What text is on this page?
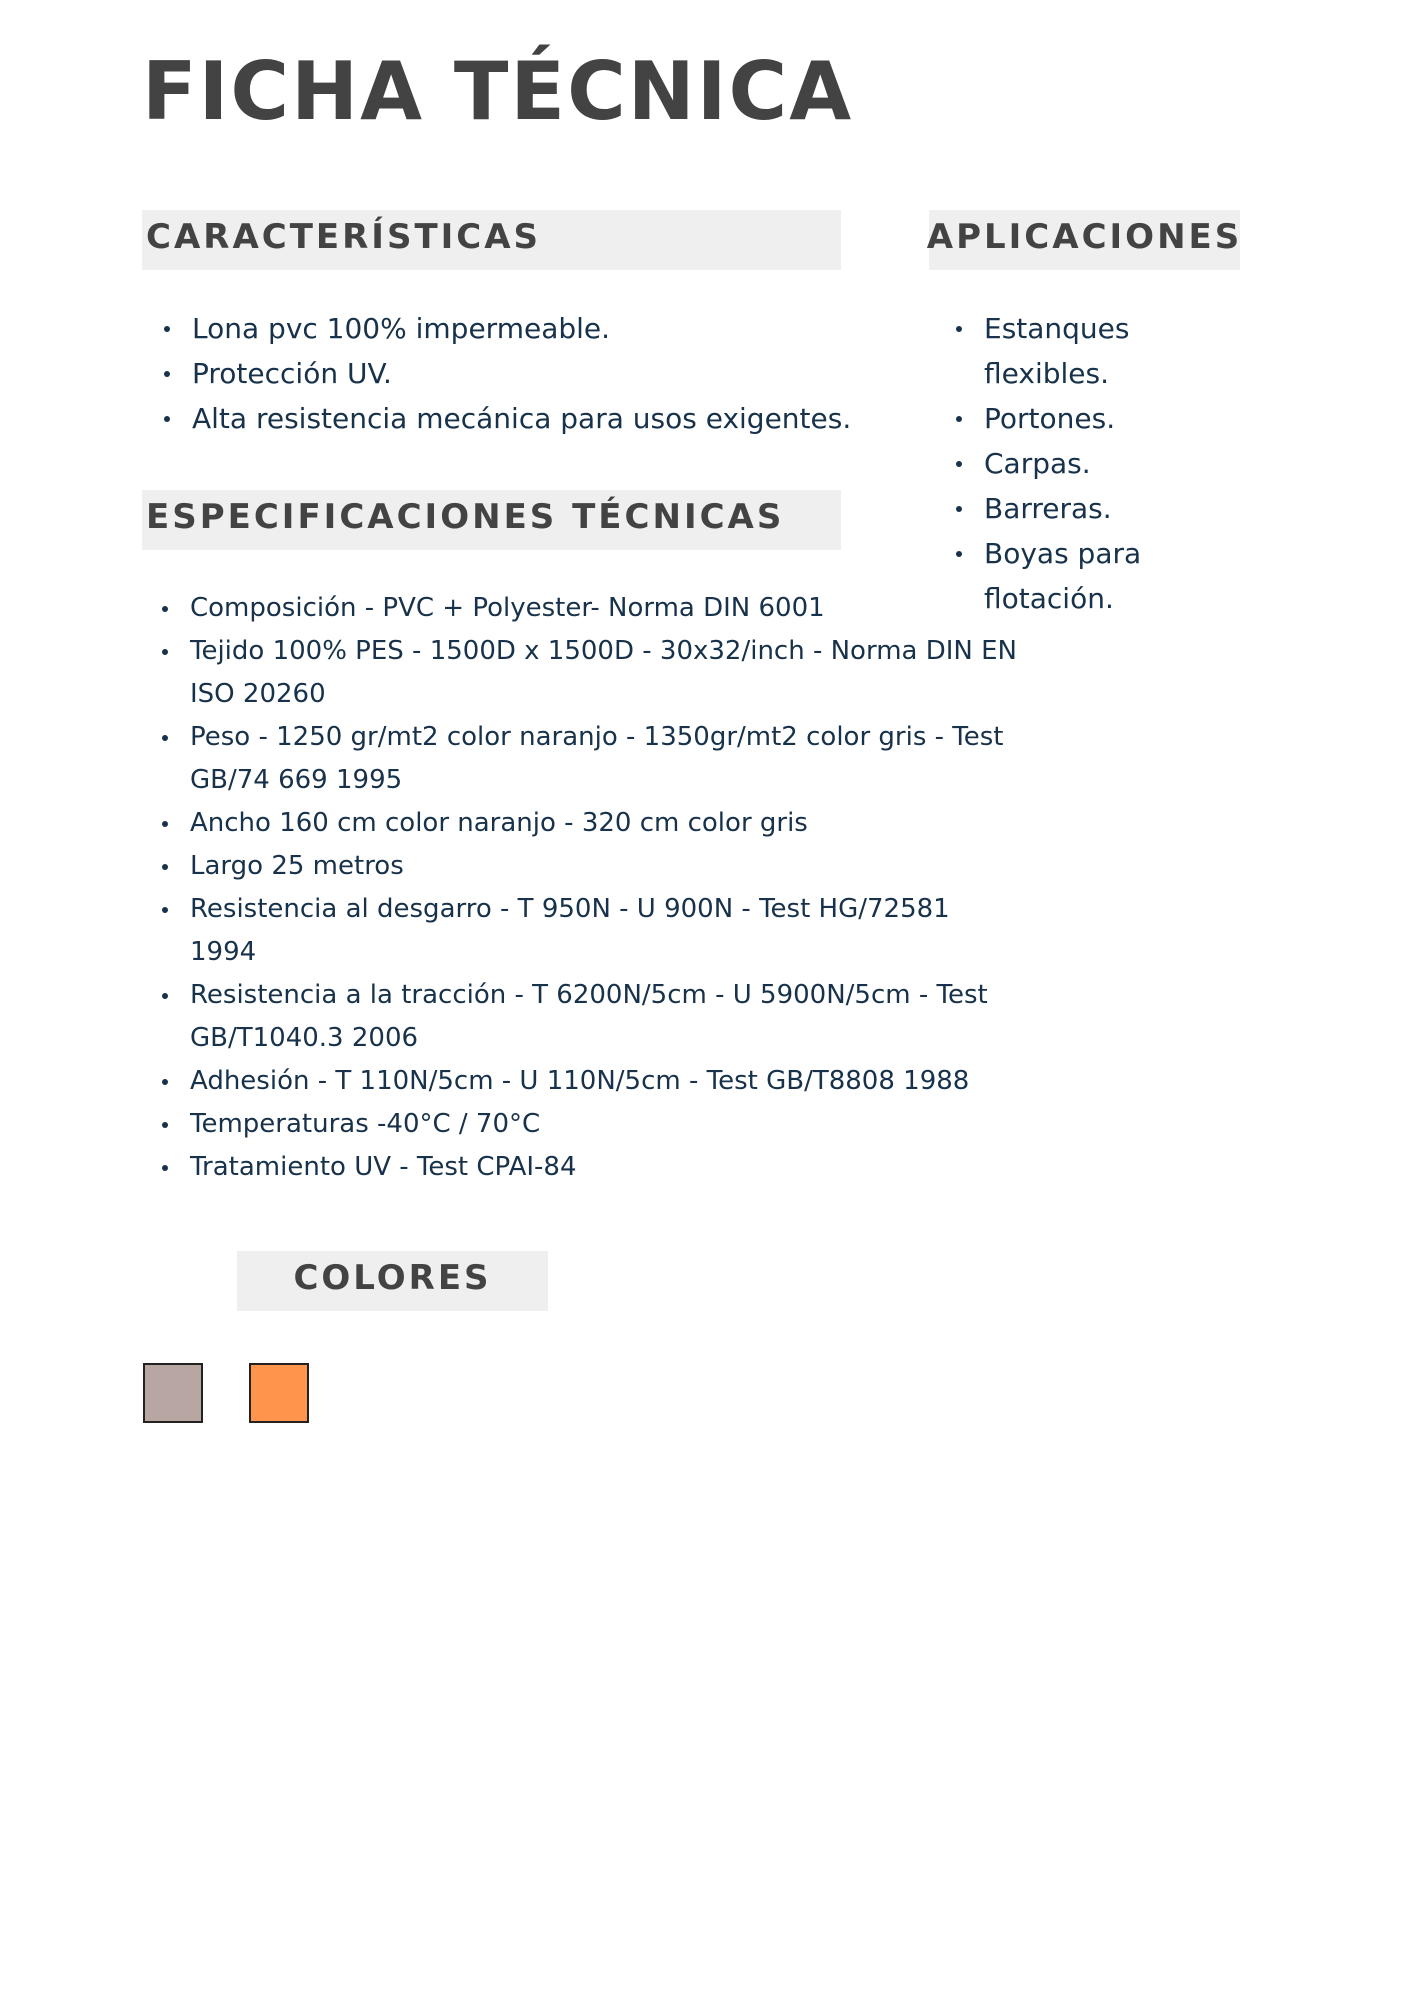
FICHA TÉCNICA
CARACTERÍSTICAS
Lona pvc 100% impermeable.
Protección UV.
Alta resistencia mecánica para usos exigentes.
APLICACIONES
Estanques flexibles.
Portones.
Carpas.
Barreras.
Boyas para flotación.
ESPECIFICACIONES TÉCNICAS
Composición - PVC + Polyester- Norma DIN 6001
Tejido 100% PES - 1500D x 1500D - 30x32/inch - Norma DIN EN ISO 20260
Peso - 1250 gr/mt2 color naranjo - 1350gr/mt2 color gris - Test GB/74 669 1995
Ancho 160 cm color naranjo - 320 cm color gris
Largo 25 metros
Resistencia al desgarro - T 950N - U 900N - Test HG/72581 1994
Resistencia a la tracción - T 6200N/5cm - U 5900N/5cm - Test GB/T1040.3 2006
Adhesión - T 110N/5cm - U 110N/5cm - Test GB/T8808 1988
Temperaturas -40°C / 70°C
Tratamiento UV - Test CPAI-84
COLORES
